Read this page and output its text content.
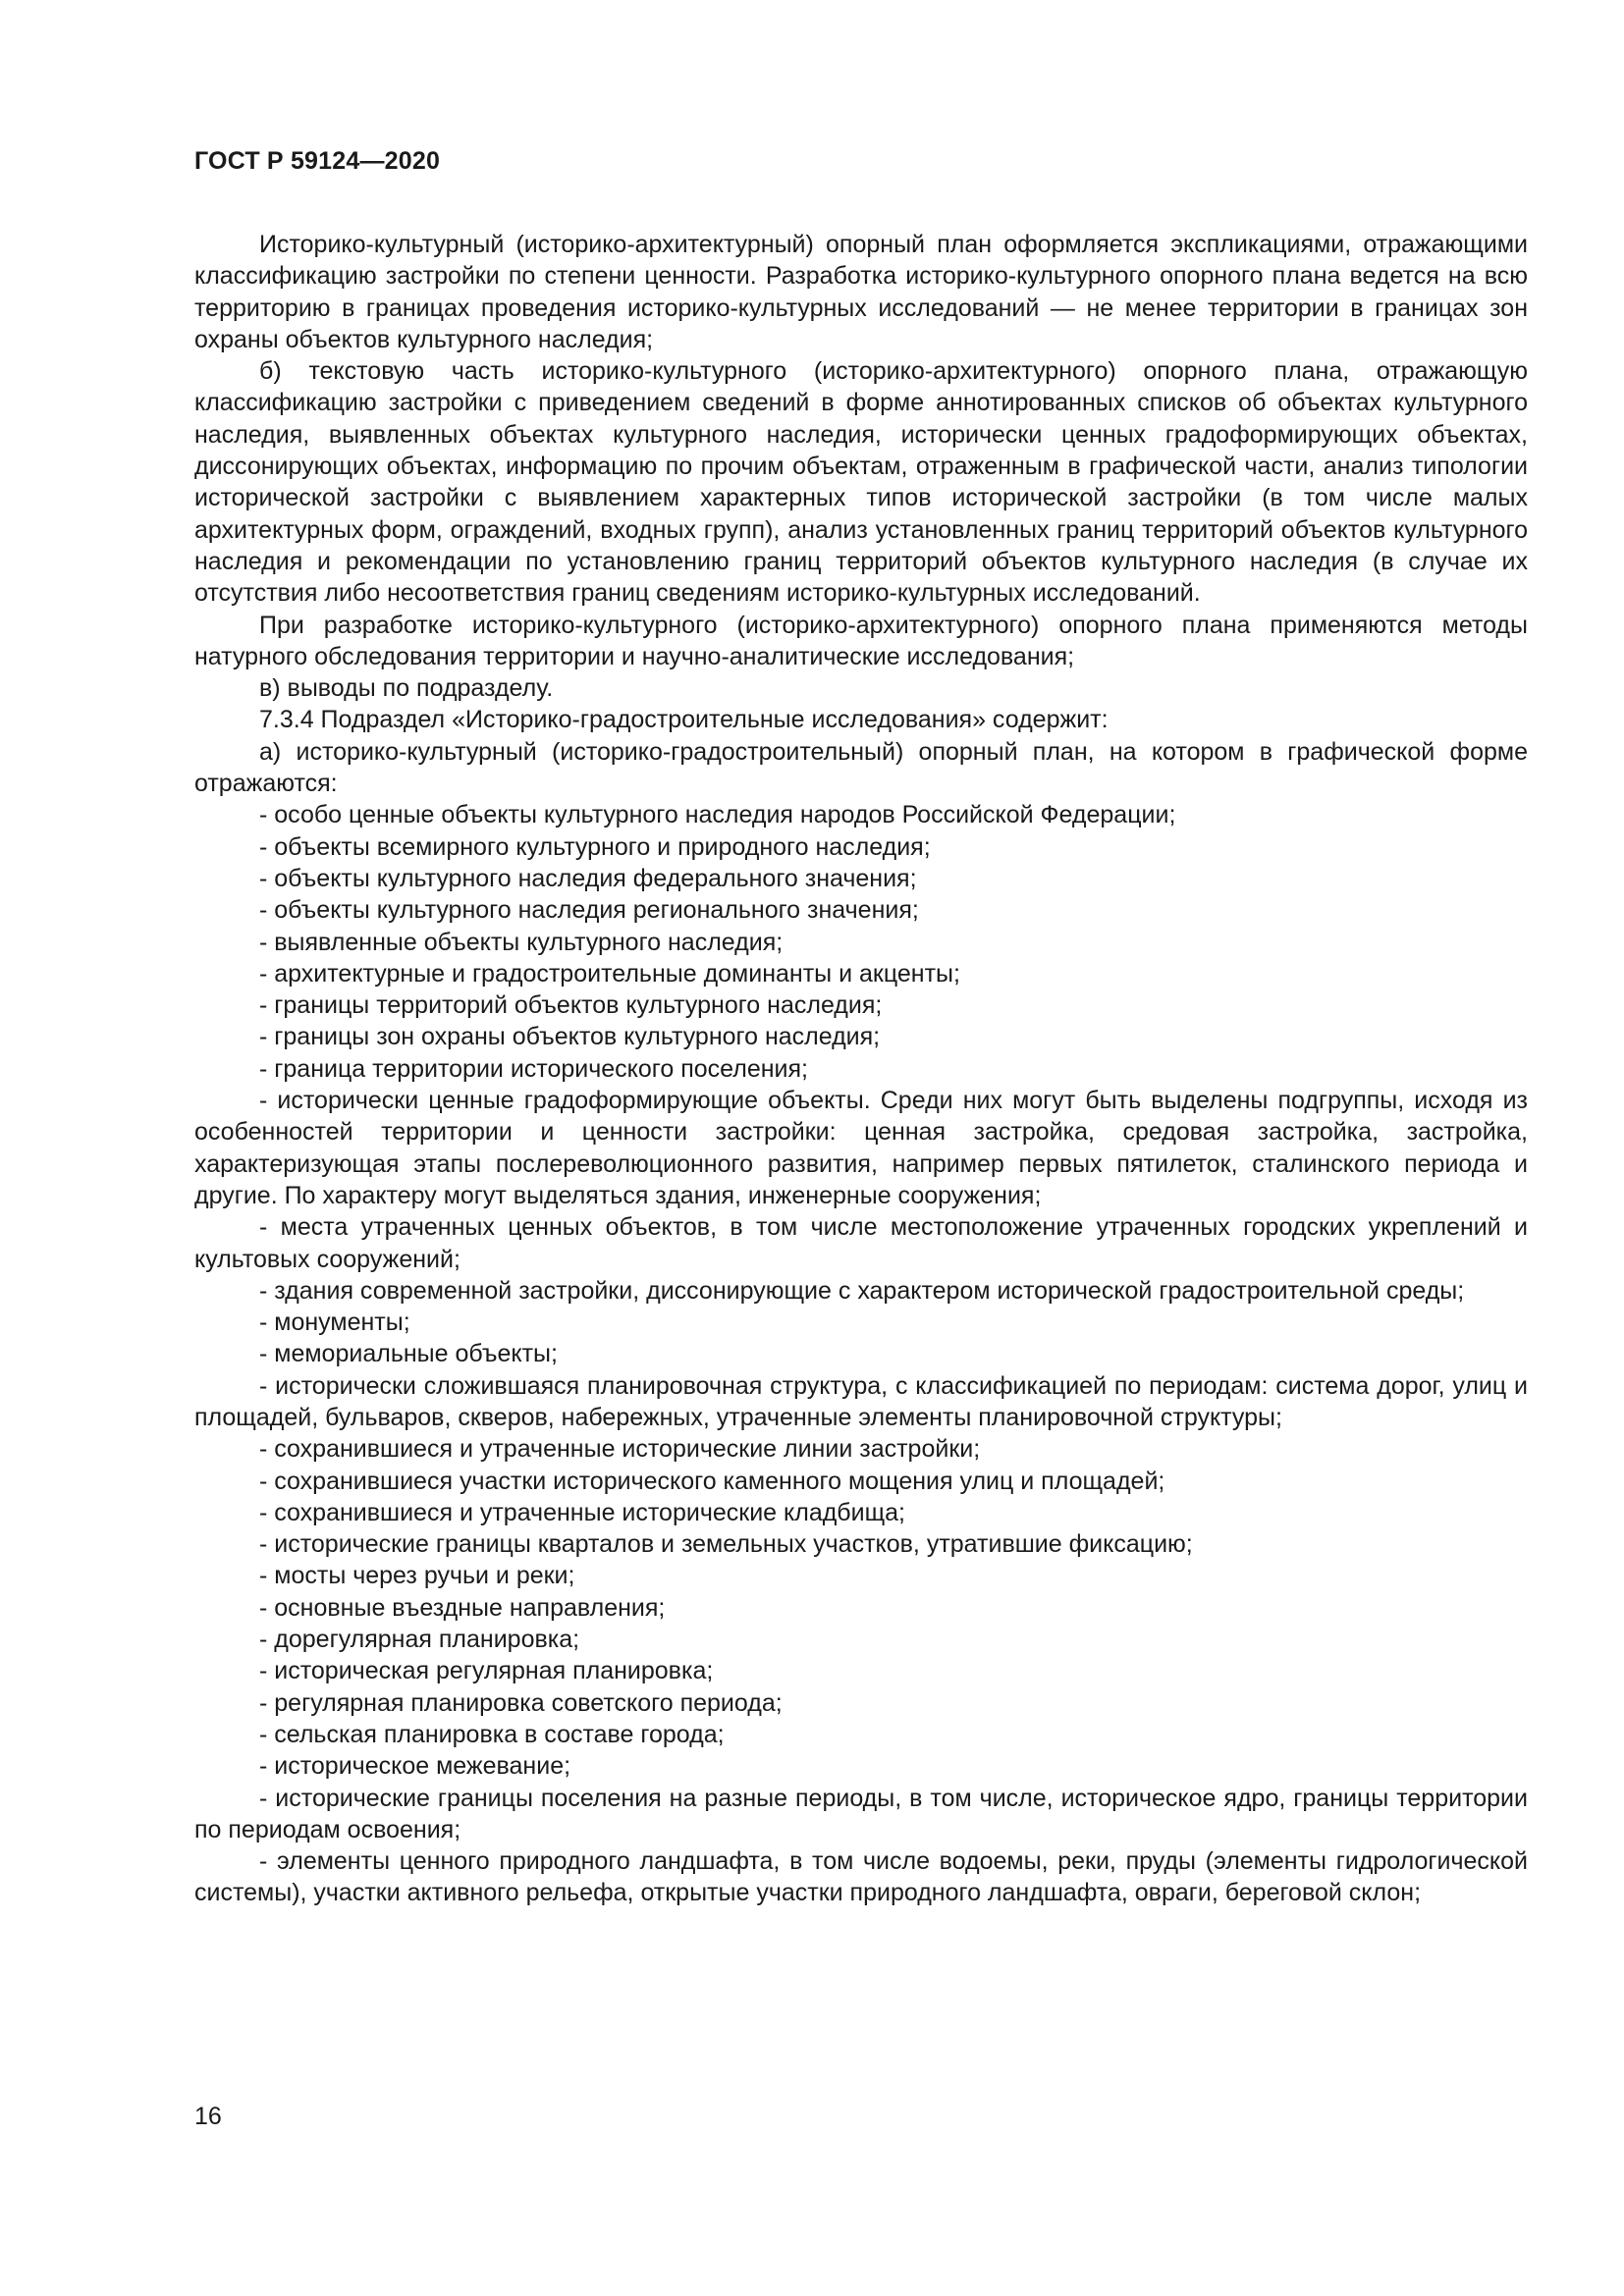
ГОСТ Р 59124—2020

Историко-культурный (историко-архитектурный) опорный план оформляется экспликациями, отражающими классификацию застройки по степени ценности. Разработка историко-культурного опорного плана ведется на всю территорию в границах проведения историко-культурных исследований — не менее территории в границах зон охраны объектов культурного наследия;

б) текстовую часть историко-культурного (историко-архитектурного) опорного плана, отражающую классификацию застройки с приведением сведений в форме аннотированных списков об объектах культурного наследия, выявленных объектах культурного наследия, исторически ценных градоформирующих объектах, диссонирующих объектах, информацию по прочим объектам, отраженным в графической части, анализ типологии исторической застройки с выявлением характерных типов исторической застройки (в том числе малых архитектурных форм, ограждений, входных групп), анализ установленных границ территорий объектов культурного наследия и рекомендации по установлению границ территорий объектов культурного наследия (в случае их отсутствия либо несоответствия границ сведениям историко-культурных исследований.

При разработке историко-культурного (историко-архитектурного) опорного плана применяются методы натурного обследования территории и научно-аналитические исследования;

в) выводы по подразделу.

7.3.4 Подраздел «Историко-градостроительные исследования» содержит:

а) историко-культурный (историко-градостроительный) опорный план, на котором в графической форме отражаются:

- особо ценные объекты культурного наследия народов Российской Федерации;

- объекты всемирного культурного и природного наследия;

- объекты культурного наследия федерального значения;

- объекты культурного наследия регионального значения;

- выявленные объекты культурного наследия;

- архитектурные и градостроительные доминанты и акценты;

- границы территорий объектов культурного наследия;

- границы зон охраны объектов культурного наследия;

- граница территории исторического поселения;

- исторически ценные градоформирующие объекты. Среди них могут быть выделены подгруппы, исходя из особенностей территории и ценности застройки: ценная застройка, средовая застройка, застройка, характеризующая этапы послереволюционного развития, например первых пятилеток, сталинского периода и другие. По характеру могут выделяться здания, инженерные сооружения;

- места утраченных ценных объектов, в том числе местоположение утраченных городских укреплений и культовых сооружений;

- здания современной застройки, диссонирующие с характером исторической градостроительной среды;

- монументы;

- мемориальные объекты;

- исторически сложившаяся планировочная структура, с классификацией по периодам: система дорог, улиц и площадей, бульваров, скверов, набережных, утраченные элементы планировочной структуры;

- сохранившиеся и утраченные исторические линии застройки;

- сохранившиеся участки исторического каменного мощения улиц и площадей;

- сохранившиеся и утраченные исторические кладбища;

- исторические границы кварталов и земельных участков, утратившие фиксацию;

- мосты через ручьи и реки;

- основные въездные направления;

- дорегулярная планировка;

- историческая регулярная планировка;

- регулярная планировка советского периода;

- сельская планировка в составе города;

- историческое межевание;

- исторические границы поселения на разные периоды, в том числе, историческое ядро, границы территории по периодам освоения;

- элементы ценного природного ландшафта, в том числе водоемы, реки, пруды (элементы гидрологической системы), участки активного рельефа, открытые участки природного ландшафта, овраги, береговой склон;

16
